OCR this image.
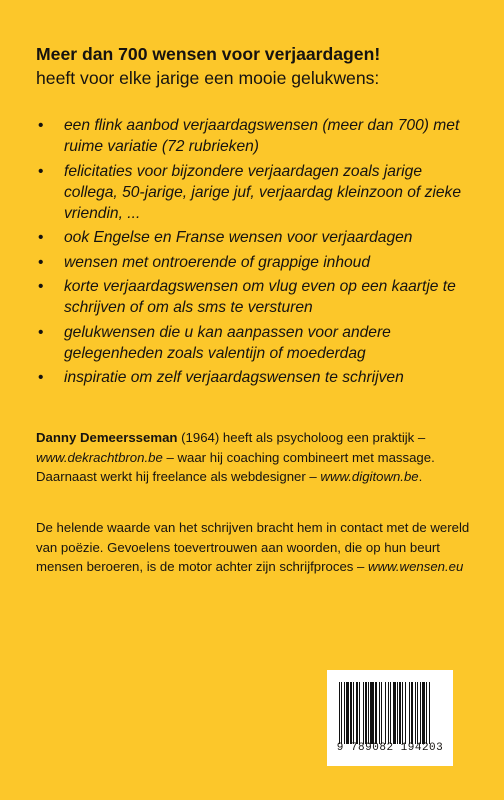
Meer dan 700 wensen voor verjaardagen!
heeft voor elke jarige een mooie gelukwens:
• een flink aanbod verjaardagswensen (meer dan 700) met ruime variatie (72 rubrieken)
• felicitaties voor bijzondere verjaardagen zoals jarige collega, 50-jarige, jarige juf, verjaardag kleinzoon of zieke vriendin, ...
• ook Engelse en Franse wensen voor verjaardagen
• wensen met ontroerende of grappige inhoud
• korte verjaardagswensen om vlug even op een kaartje te schrijven of om als sms te versturen
• gelukwensen die u kan aanpassen voor andere gelegenheden zoals valentijn of moederdag
• inspiratie om zelf verjaardagswensen te schrijven

Danny Demeersseman (1964) heeft als psycholoog een praktijk – www.dekrachtbron.be – waar hij coaching combineert met massage. Daarnaast werkt hij freelance als webdesigner – www.digitown.be.

De helende waarde van het schrijven bracht hem in contact met de wereld van poëzie. Gevoelens toevertrouwen aan woorden, die op hun beurt mensen beroeren, is de motor achter zijn schrijfproces – www.wensen.eu

9 789082 194203
